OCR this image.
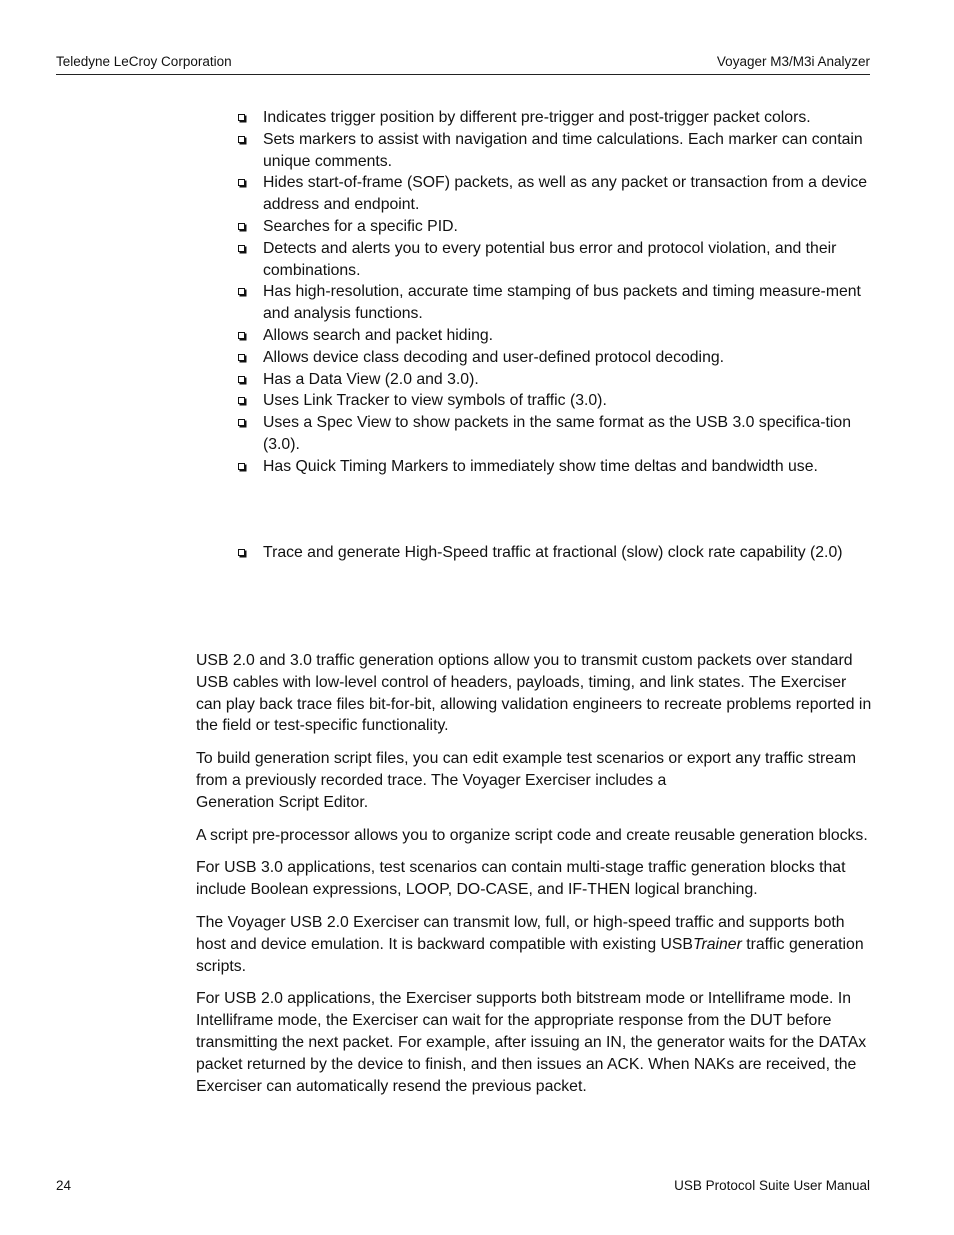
Teledyne LeCroy Corporation	Voyager M3/M3i Analyzer
Indicates trigger position by different pre-trigger and post-trigger packet colors.
Sets markers to assist with navigation and time calculations. Each marker can contain unique comments.
Hides start-of-frame (SOF) packets, as well as any packet or transaction from a device address and endpoint.
Searches for a specific PID.
Detects and alerts you to every potential bus error and protocol violation, and their combinations.
Has high-resolution, accurate time stamping of bus packets and timing measure-ment and analysis functions.
Allows search and packet hiding.
Allows device class decoding and user-defined protocol decoding.
Has a Data View (2.0 and 3.0).
Uses Link Tracker to view symbols of traffic (3.0).
Uses a Spec View to show packets in the same format as the USB 3.0 specifica-tion (3.0).
Has Quick Timing Markers to immediately show time deltas and bandwidth use.
Trace and generate High-Speed traffic at fractional (slow) clock rate capability (2.0)

USB 2.0 and 3.0 traffic generation options allow you to transmit custom packets over standard USB cables with low-level control of headers, payloads, timing, and link states. The Exerciser can play back trace files bit-for-bit, allowing validation engineers to recreate problems reported in the field or test-specific functionality.

To build generation script files, you can edit example test scenarios or export any traffic stream from a previously recorded trace. The Voyager Exerciser includes a
Generation Script Editor.

A script pre-processor allows you to organize script code and create reusable generation blocks.

For USB 3.0 applications, test scenarios can contain multi-stage traffic generation blocks that include Boolean expressions, LOOP, DO-CASE, and IF-THEN logical branching.

The Voyager USB 2.0 Exerciser can transmit low, full, or high-speed traffic and supports both host and device emulation. It is backward compatible with existing USBTrainer traffic generation scripts.

For USB 2.0 applications, the Exerciser supports both bitstream mode or Intelliframe mode. In Intelliframe mode, the Exerciser can wait for the appropriate response from the DUT before transmitting the next packet. For example, after issuing an IN, the generator waits for the DATAx packet returned by the device to finish, and then issues an ACK. When NAKs are received, the Exerciser can automatically resend the previous packet.

24	USB Protocol Suite User Manual
